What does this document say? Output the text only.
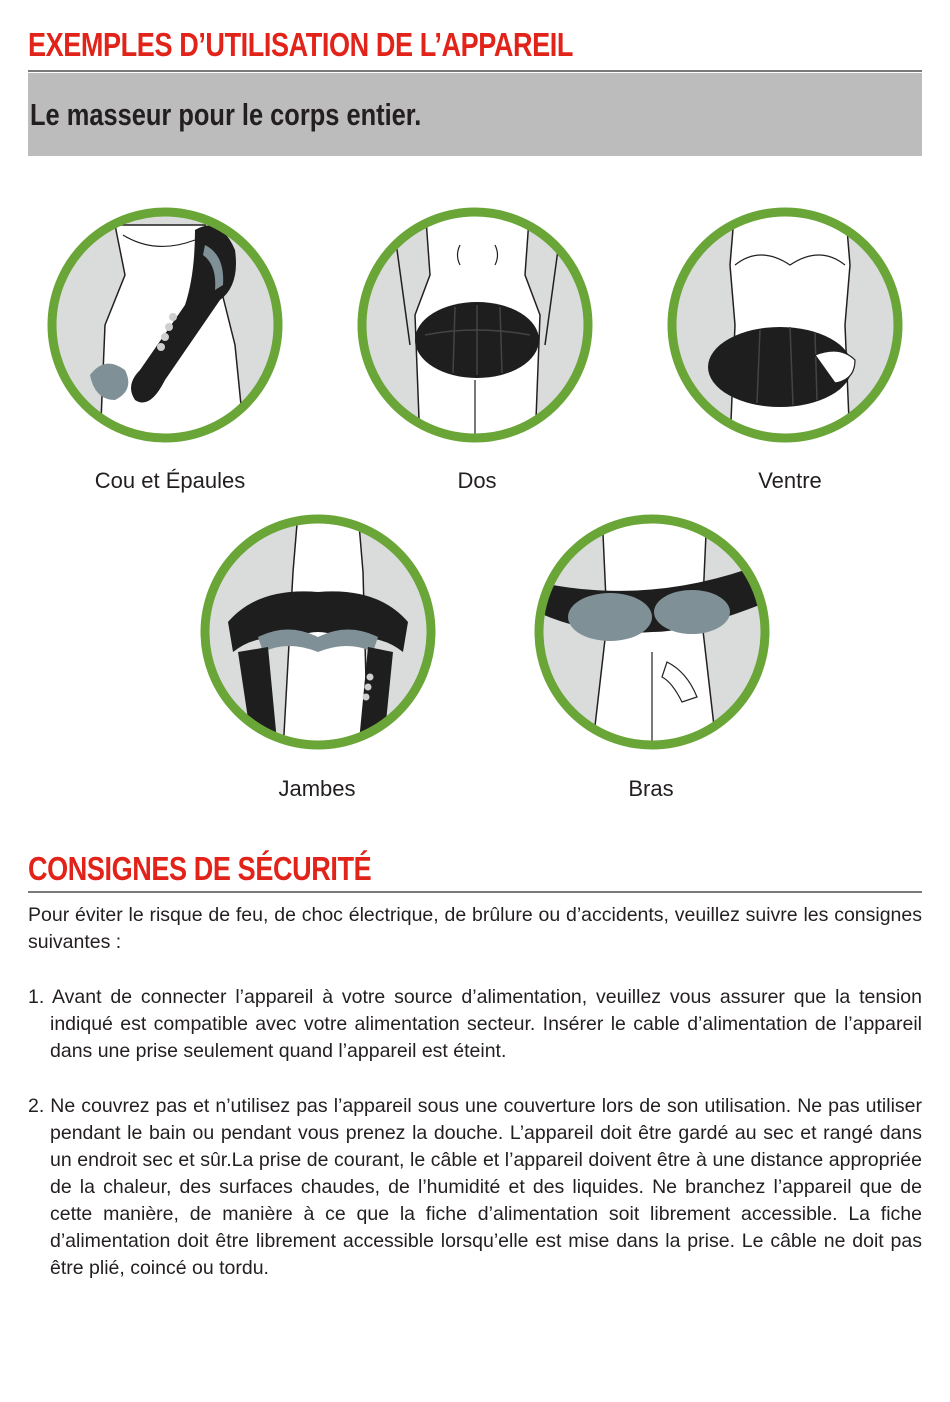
EXEMPLES D’UTILISATION DE L’APPAREIL
Le masseur pour le corps entier.
Cou et Épaules	Dos	Ventre
Jambes	Bras
CONSIGNES DE SÉCURITÉ
Pour éviter le risque de feu, de choc électrique, de brûlure ou d’accidents, veuillez suivre les consignes suivantes :
1. Avant de connecter l’appareil à votre source d’alimentation, veuillez vous assurer que la tension indiqué est compatible avec votre alimentation secteur. Insérer le cable d’alimentation de l’appareil dans une prise seulement quand l’appareil est éteint.
2. Ne couvrez pas et n’utilisez pas l’appareil sous une couverture lors de son utilisation. Ne pas utiliser pendant le bain ou pendant vous prenez la douche. L’appareil doit être gardé au sec et rangé dans un endroit sec et sûr.La prise de courant, le câble et l’appareil doivent être à une distance appropriée de la chaleur, des surfaces chaudes, de l’humidité et des liquides. Ne branchez l’appareil que de cette manière, de manière à ce que la fiche d’alimentation soit librement accessible. La fiche d’alimentation doit être librement accessible lorsqu’elle est mise dans la prise. Le câble ne doit pas être plié, coincé ou tordu.
